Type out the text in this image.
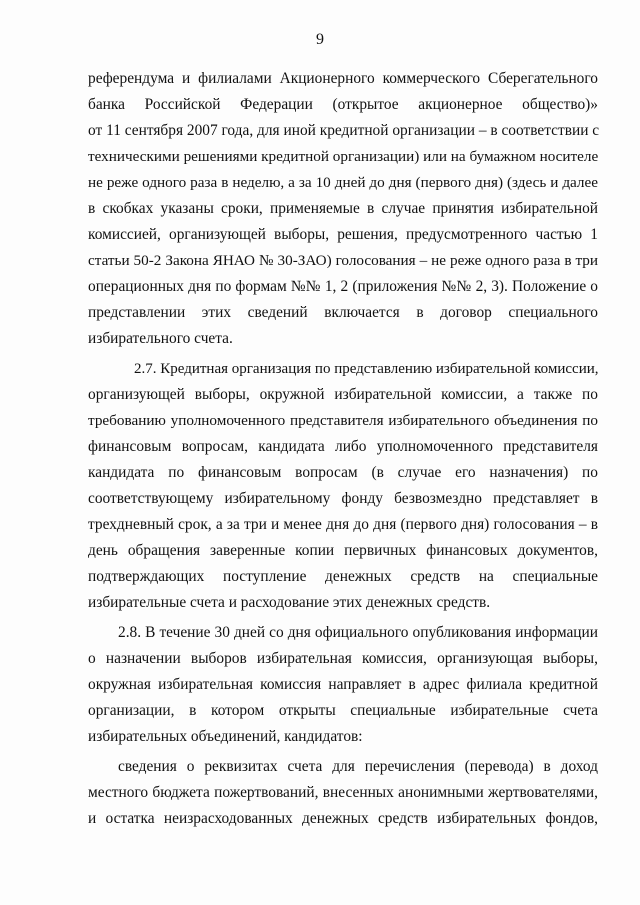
9
референдума и филиалами Акционерного коммерческого Сберегательного
банка Российской Федерации (открытое акционерное общество)»
от 11 сентября 2007 года, для иной кредитной организации – в соответствии с
техническими решениями кредитной организации) или на бумажном носителе
не реже одного раза в неделю, а за 10 дней до дня (первого дня) (здесь и далее
в скобках указаны сроки, применяемые в случае принятия избирательной
комиссией, организующей выборы, решения, предусмотренного частью 1
статьи 50-2 Закона ЯНАО № 30-ЗАО) голосования – не реже одного раза в три
операционных дня по формам №№ 1, 2 (приложения №№ 2, 3). Положение о
представлении этих сведений включается в договор специального
избирательного счета.
2.7. Кредитная организация по представлению избирательной комиссии,
организующей выборы, окружной избирательной комиссии, а также по
требованию уполномоченного представителя избирательного объединения по
финансовым вопросам, кандидата либо уполномоченного представителя
кандидата по финансовым вопросам (в случае его назначения) по
соответствующему избирательному фонду безвозмездно представляет в
трехдневный срок, а за три и менее дня до дня (первого дня) голосования – в
день обращения заверенные копии первичных финансовых документов,
подтверждающих поступление денежных средств на специальные
избирательные счета и расходование этих денежных средств.
2.8. В течение 30 дней со дня официального опубликования информации
о назначении выборов избирательная комиссия, организующая выборы,
окружная избирательная комиссия направляет в адрес филиала кредитной
организации, в котором открыты специальные избирательные счета
избирательных объединений, кандидатов:
сведения о реквизитах счета для перечисления (перевода) в доход
местного бюджета пожертвований, внесенных анонимными жертвователями,
и остатка неизрасходованных денежных средств избирательных фондов,
